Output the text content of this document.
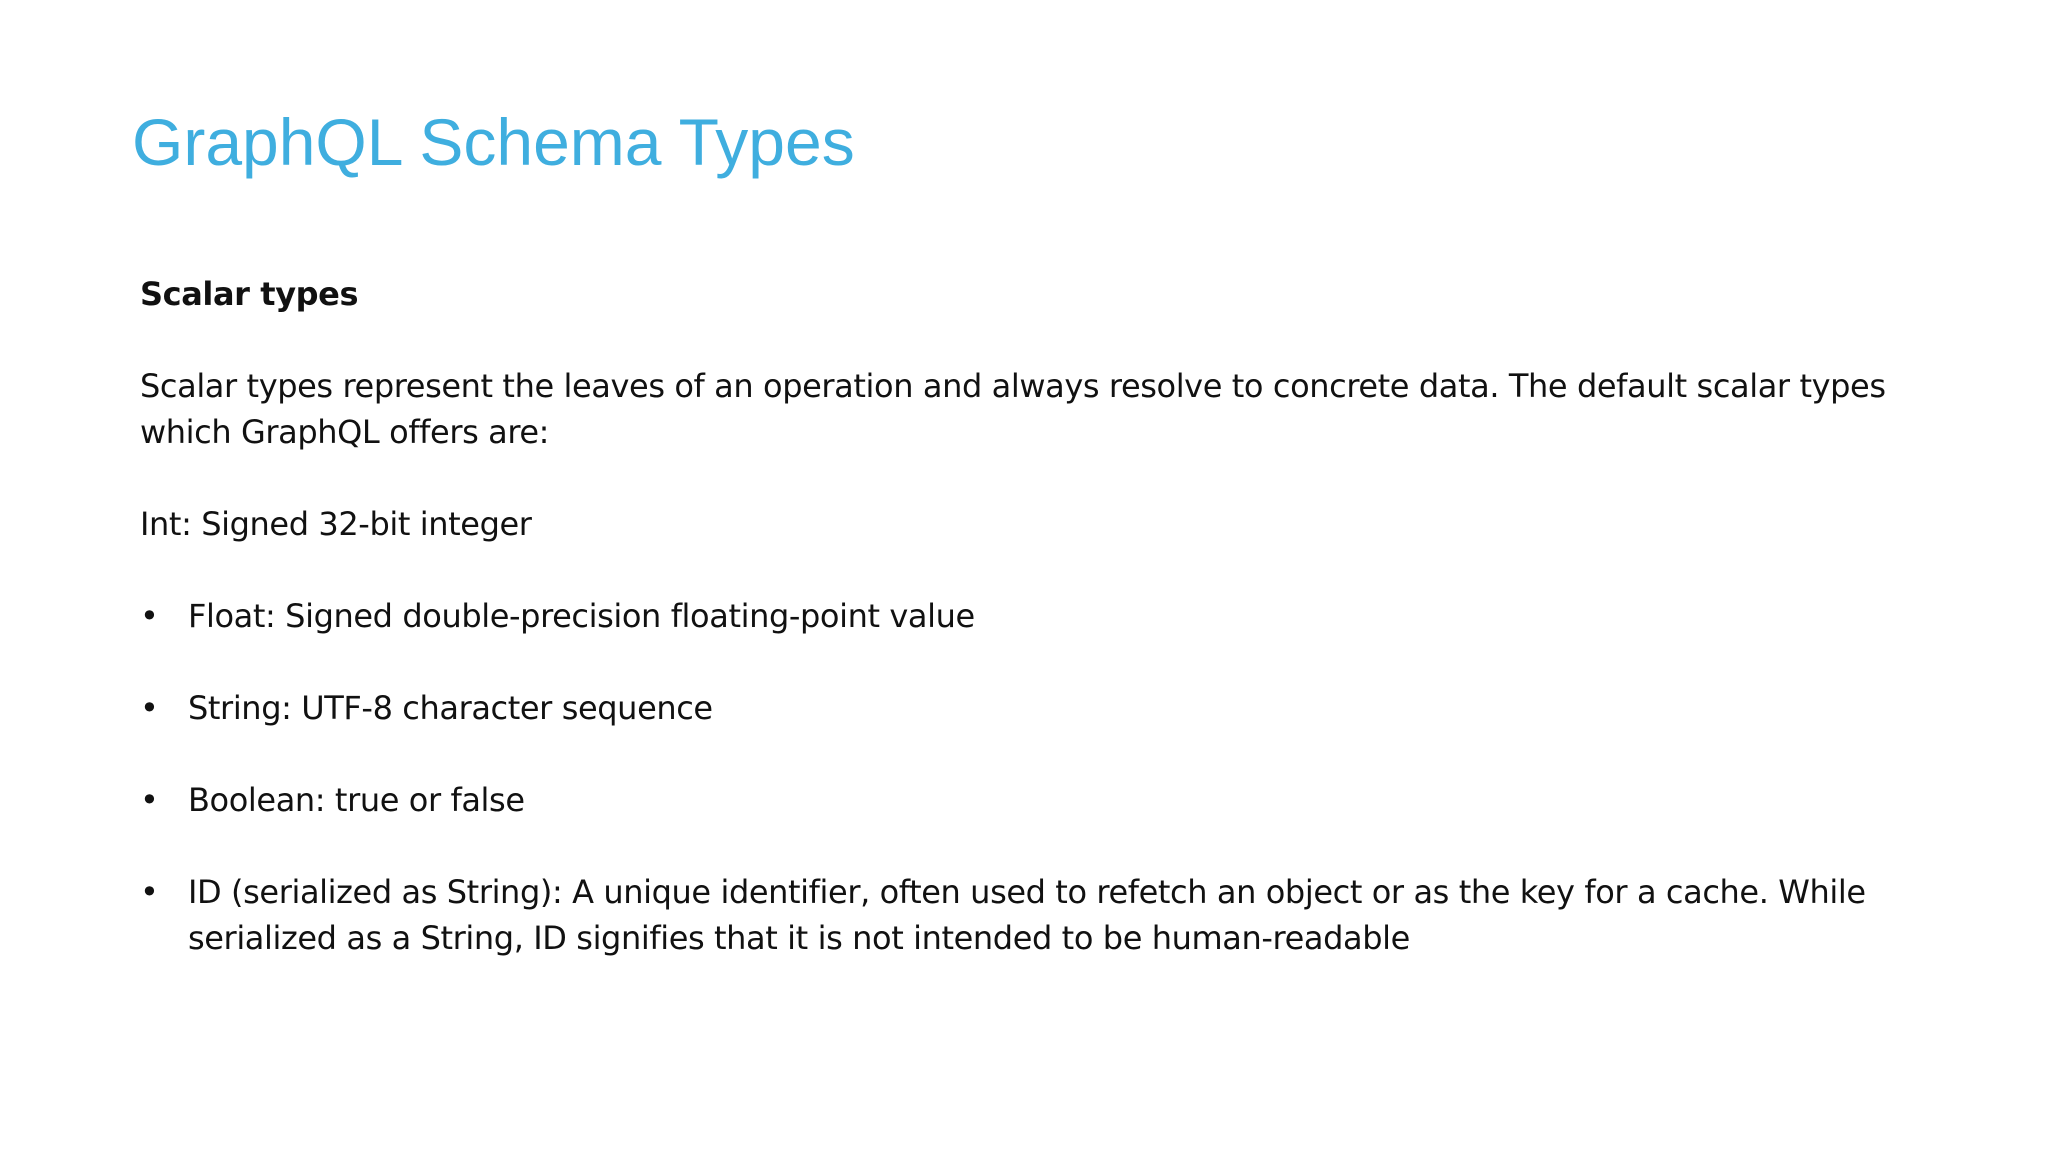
GraphQL Schema Types

Scalar types

Scalar types represent the leaves of an operation and always resolve to concrete data. The default scalar types which GraphQL offers are:

Int: Signed 32-bit integer

• Float: Signed double-precision floating-point value
• String: UTF-8 character sequence
• Boolean: true or false
• ID (serialized as String): A unique identifier, often used to refetch an object or as the key for a cache. While serialized as a String, ID signifies that it is not intended to be human-readable
